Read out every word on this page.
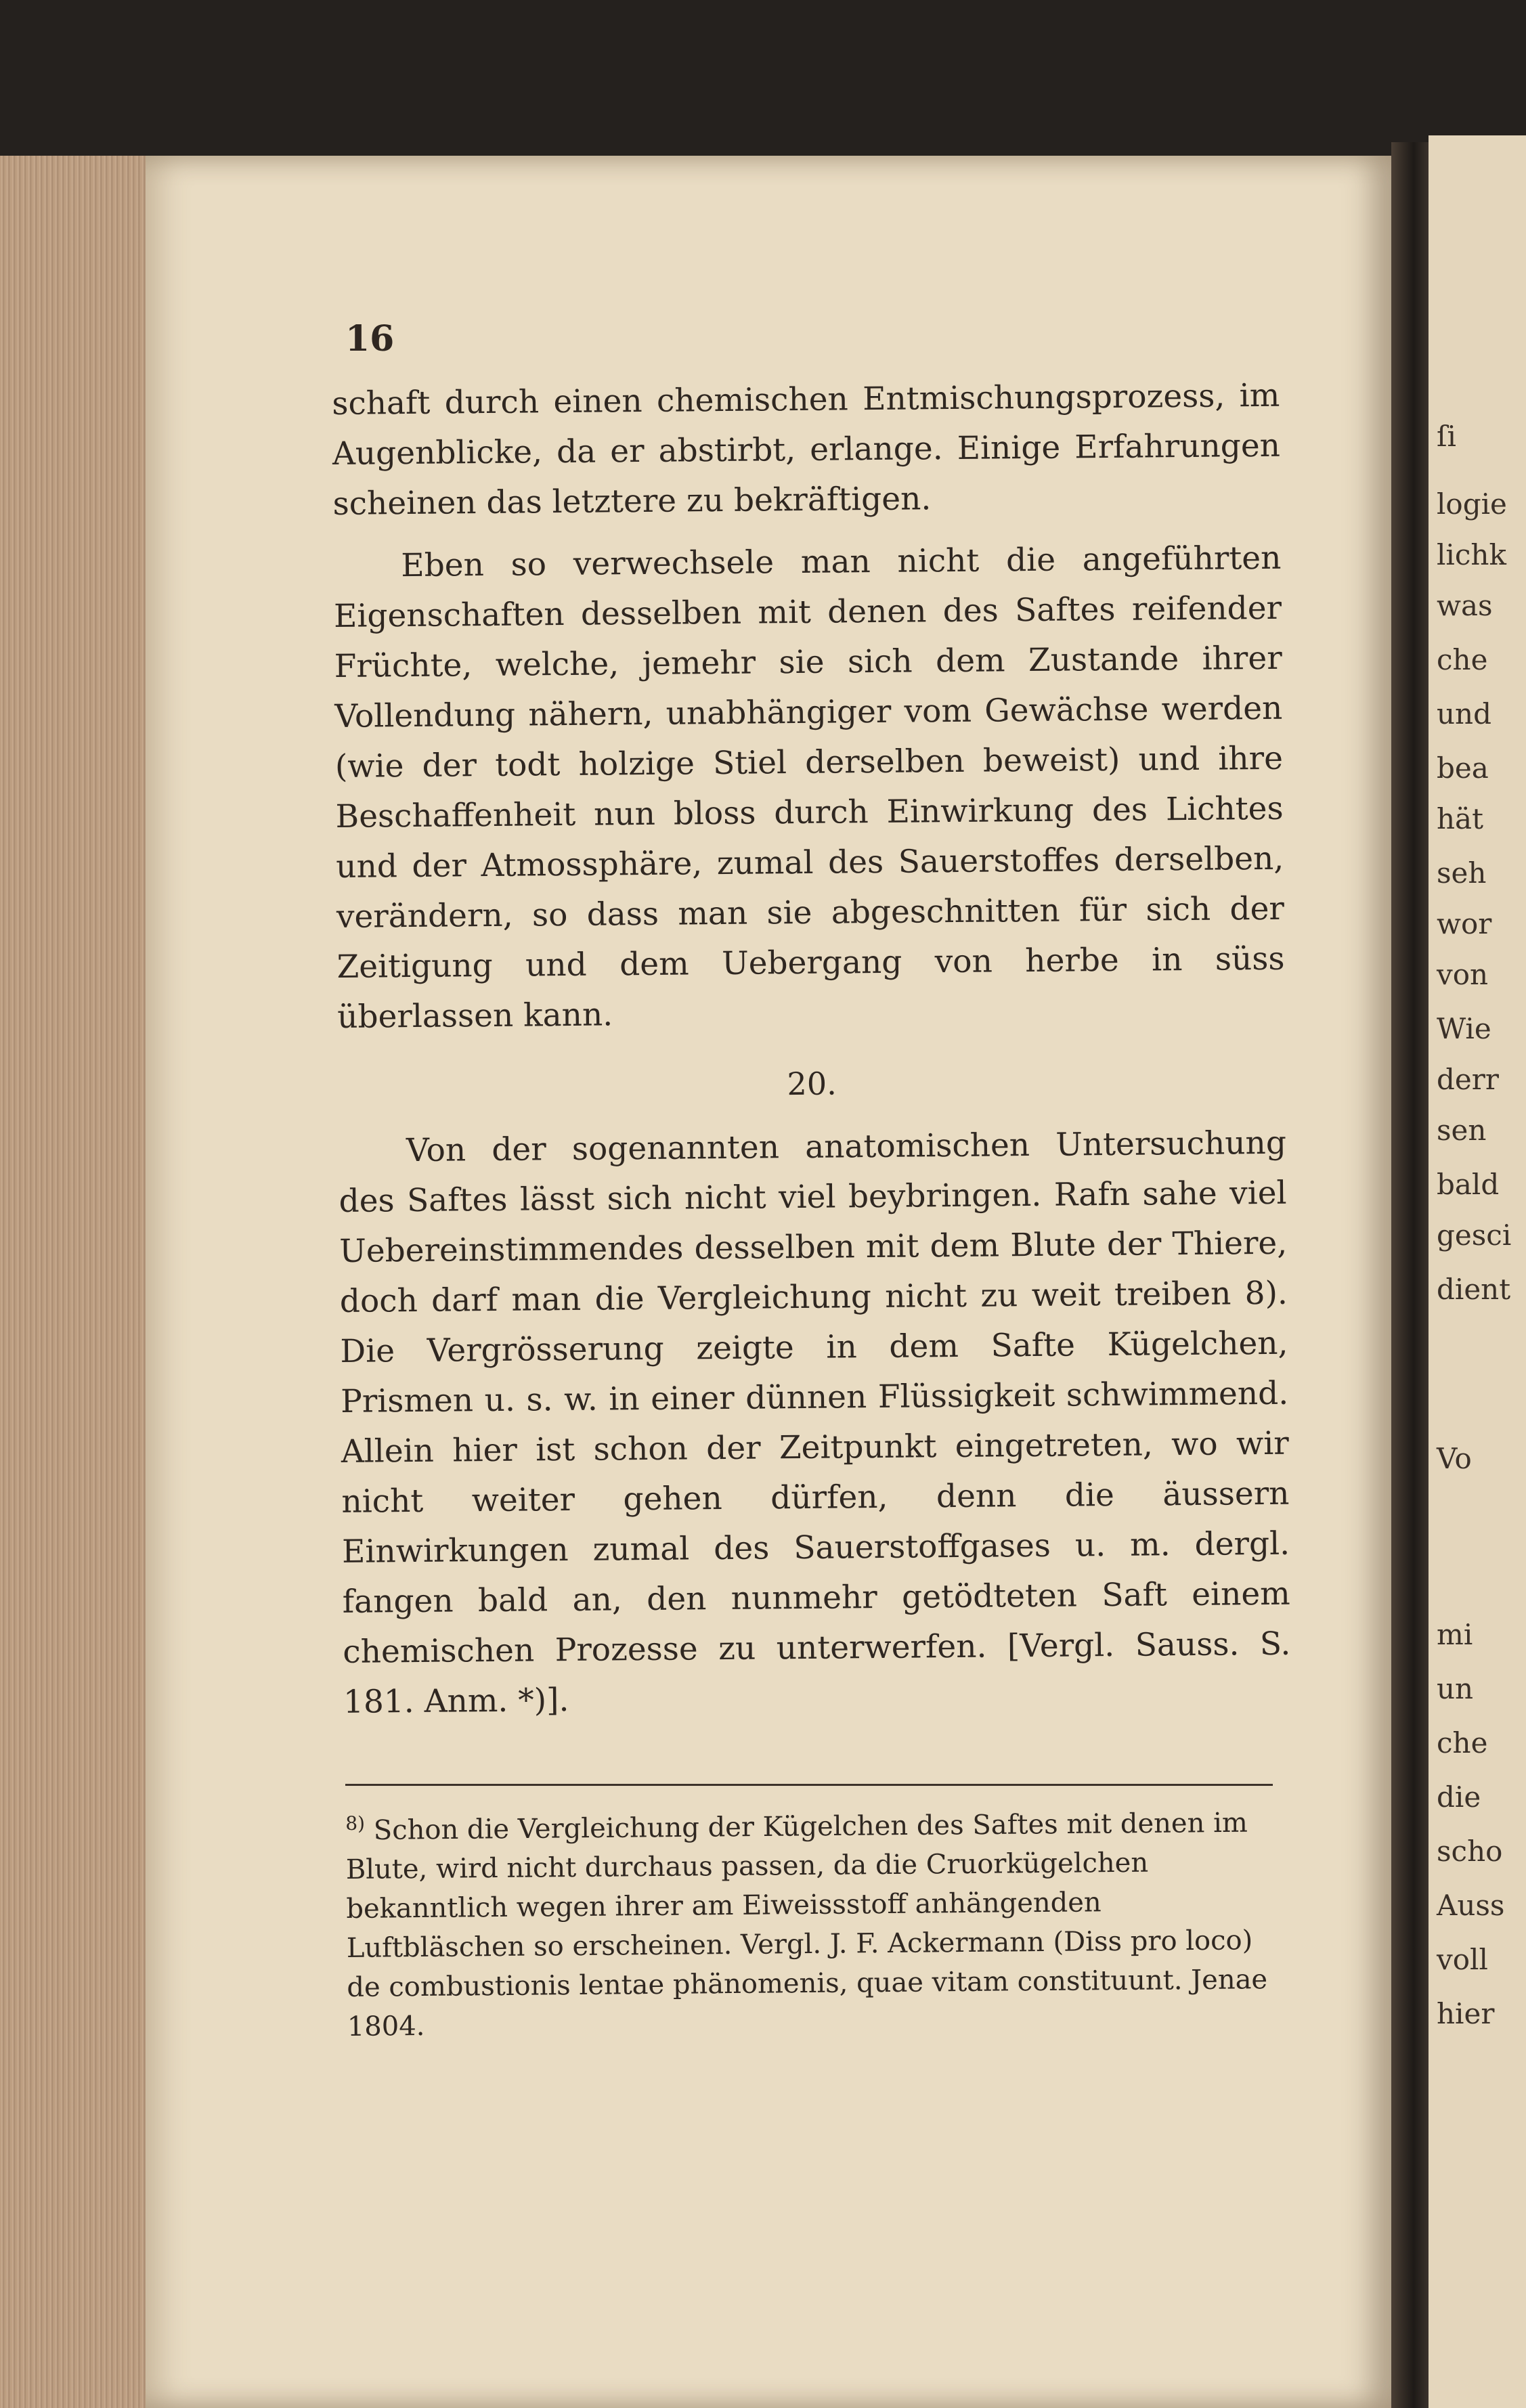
16

schaft durch einen chemischen Entmischungsprozess, im Augenblicke, da er abstirbt, erlange. Einige Erfahrungen scheinen das letztere zu bekräftigen.

Eben so verwechsele man nicht die angeführten Eigenschaften desselben mit denen des Saftes reifender Früchte, welche, jemehr sie sich dem Zustande ihrer Vollendung nähern, unabhängiger vom Gewächse werden (wie der todt holzige Stiel derselben beweist) und ihre Beschaffenheit nun bloss durch Einwirkung des Lichtes und der Atmossphäre, zumal des Sauerstoffes derselben, verändern, so dass man sie abgeschnitten für sich der Zeitigung und dem Uebergang von herbe in süss überlassen kann.

20.

Von der sogenannten anatomischen Untersuchung des Saftes lässt sich nicht viel beybringen. Rafn sahe viel Uebereinstimmendes desselben mit dem Blute der Thiere, doch darf man die Vergleichung nicht zu weit treiben 8). Die Vergrösserung zeigte in dem Safte Kügelchen, Prismen u. s. w. in einer dünnen Flüssigkeit schwimmend. Allein hier ist schon der Zeitpunkt eingetreten, wo wir nicht weiter gehen dürfen, denn die äussern Einwirkungen zumal des Sauerstoffgases u. m. dergl. fangen bald an, den nunmehr getödteten Saft einem chemischen Prozesse zu unterwerfen. [Vergl. Sauss. S. 181. Anm. *)].

$^{8)}$ Schon die Vergleichung der Kügelchen des Saftes mit denen im Blute, wird nicht durchaus passen, da die Cruorkügelchen bekanntlich wegen ihrer am Eiweissstoff anhängenden Luftbläschen so erscheinen. Vergl. J. F. Ackermann (Diss pro loco) de combustionis lentae phänomenis, quae vitam constituunt. Jenae 1804.
ſi
logie
lichk
was
che
und
bea
hät
seh
wor
von
Wie
derr
sen
bald
gesci
dient
Vo
mi
un
che
die
scho
Auss
voll
hier
